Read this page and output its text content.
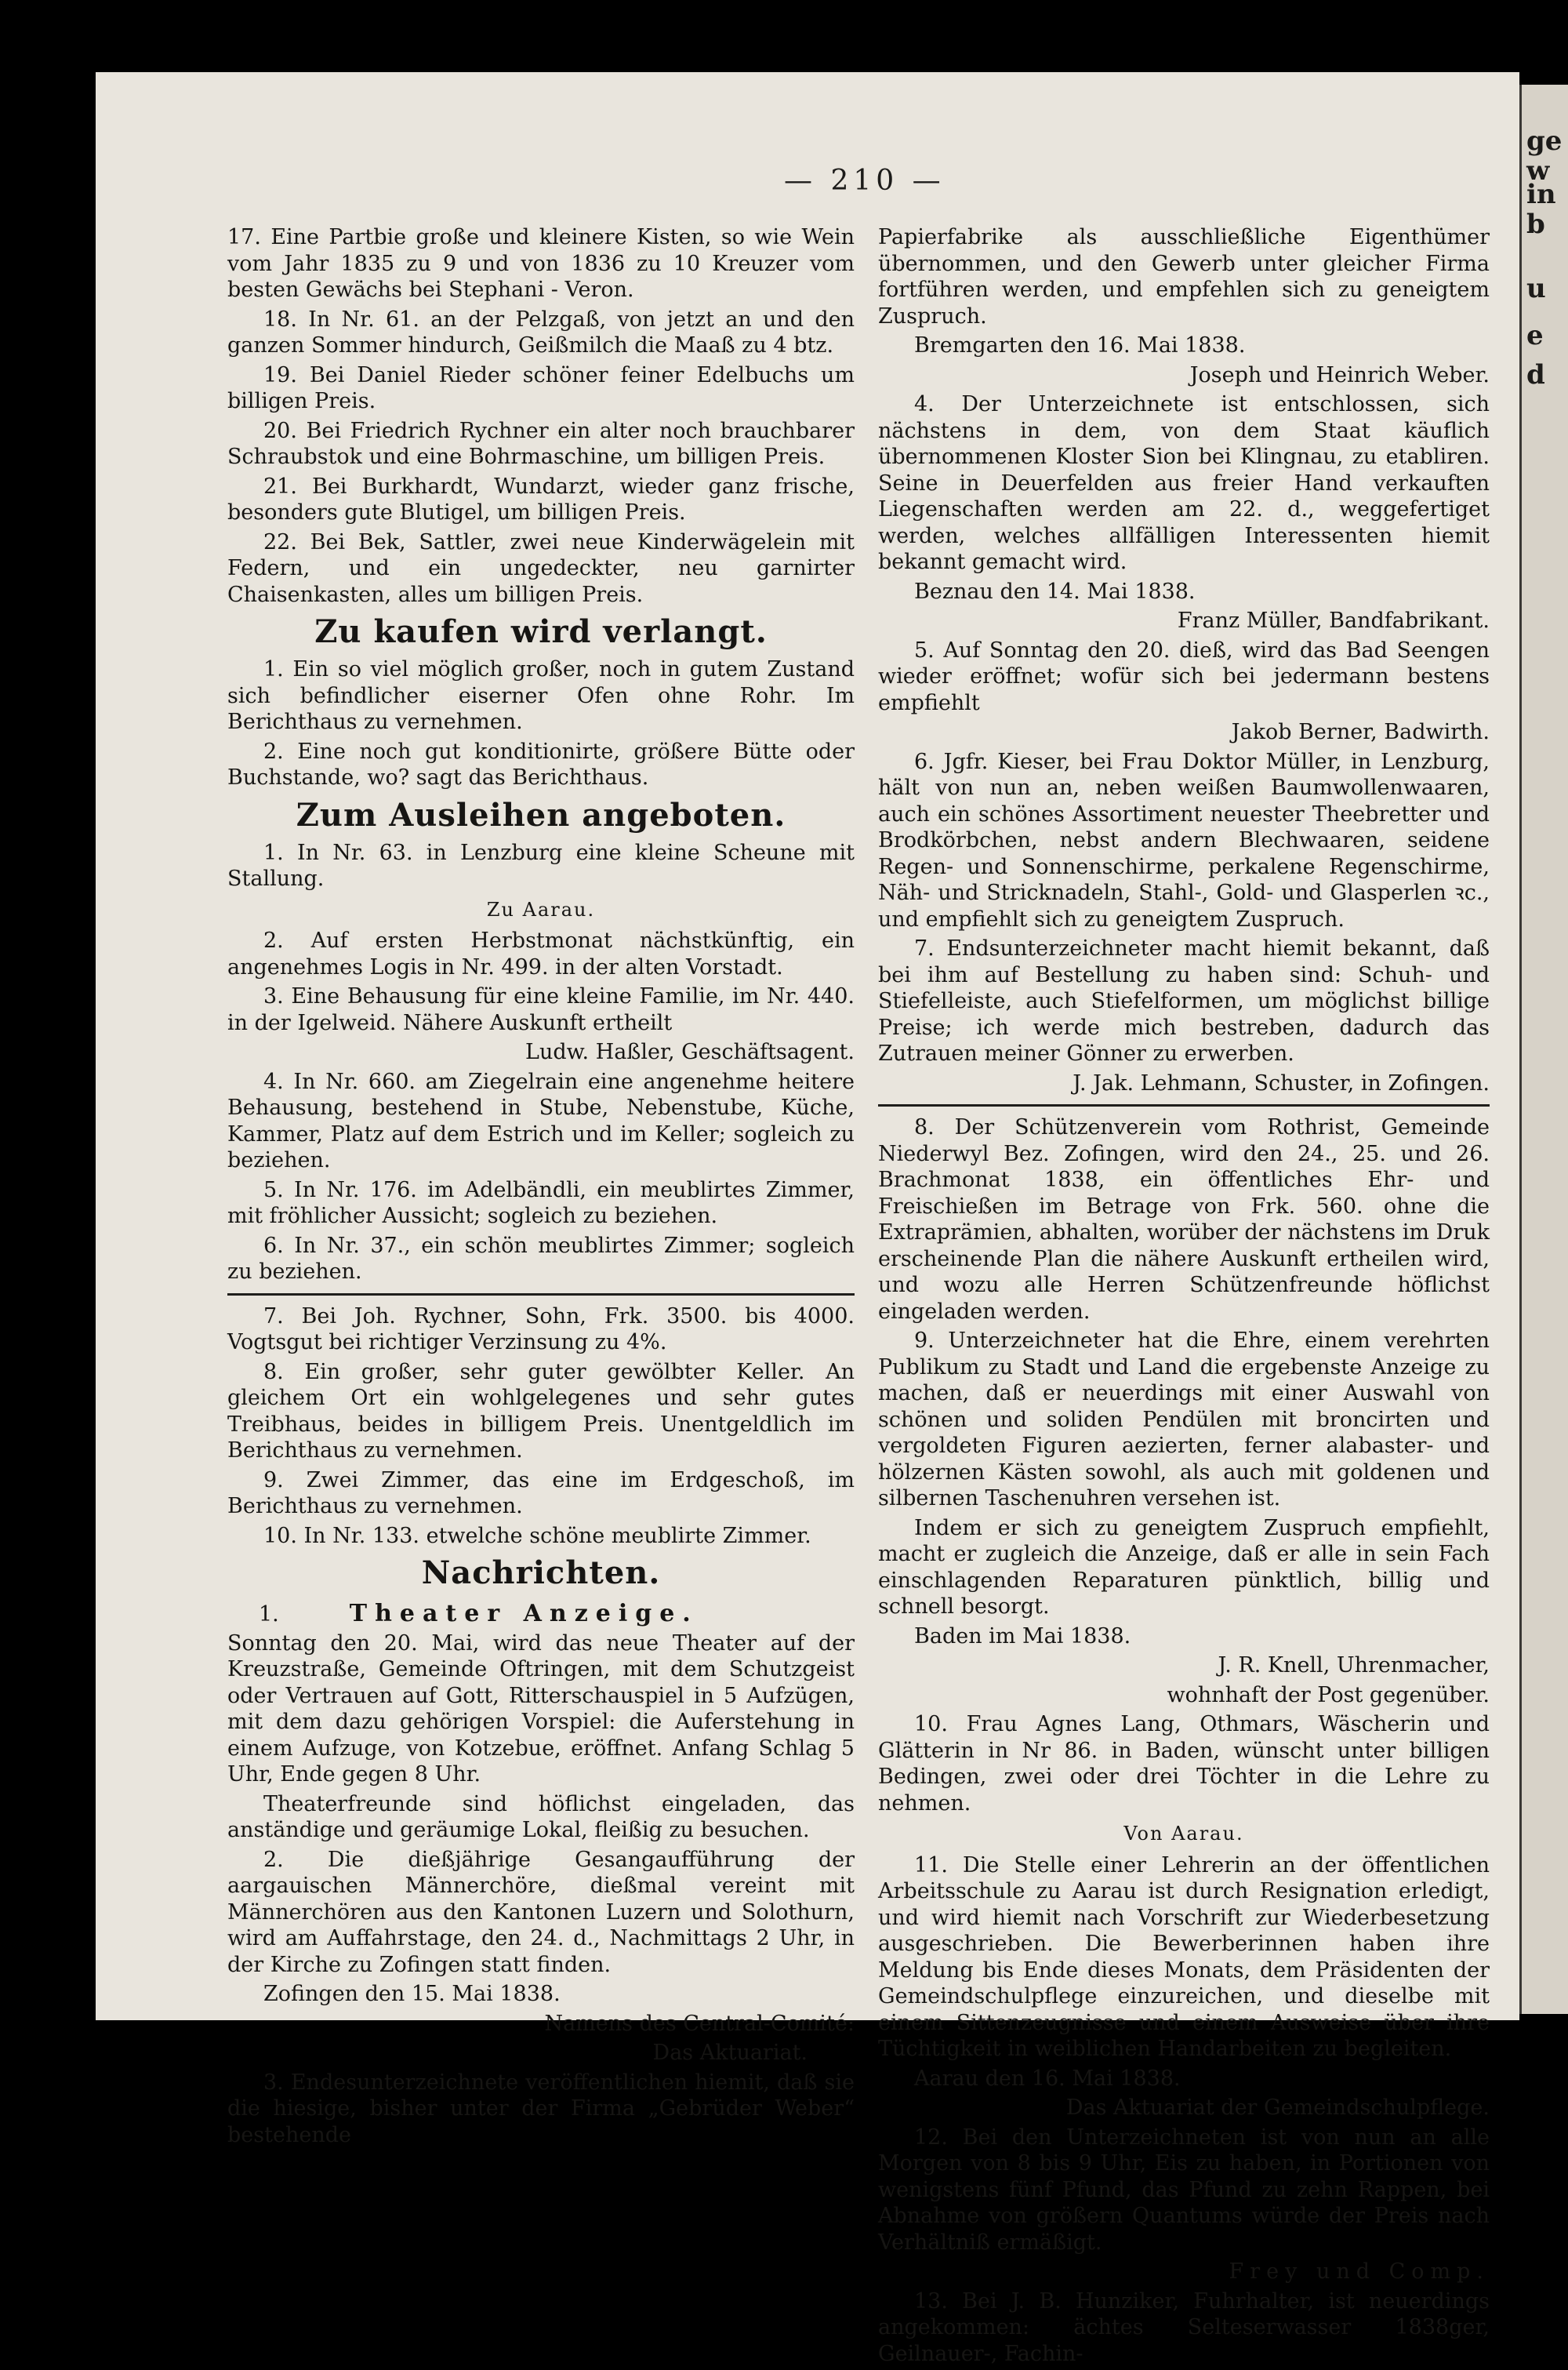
ge
w
in
b
u
e
d
— 210 —

17. Eine Partbie große und kleinere Kisten, so wie Wein vom Jahr 1835 zu 9 und von 1836 zu 10 Kreuzer vom besten Gewächs bei Stephani - Veron.

18. In Nr. 61. an der Pelzgaß, von jetzt an und den ganzen Sommer hindurch, Geißmilch die Maaß zu 4 btz.

19. Bei Daniel Rieder schöner feiner Edelbuchs um billigen Preis.

20. Bei Friedrich Rychner ein alter noch brauchbarer Schraubstok und eine Bohrmaschine, um billigen Preis.

21. Bei Burkhardt, Wundarzt, wieder ganz frische, besonders gute Blutigel, um billigen Preis.

22. Bei Bek, Sattler, zwei neue Kinderwägelein mit Federn, und ein ungedeckter, neu garnirter Chaisenkasten, alles um billigen Preis.

Zu kaufen wird verlangt.

1. Ein so viel möglich großer, noch in gutem Zustand sich befindlicher eiserner Ofen ohne Rohr. Im Berichthaus zu vernehmen.

2. Eine noch gut konditionirte, größere Bütte oder Buchstande, wo? sagt das Berichthaus.

Zum Ausleihen angeboten.

1. In Nr. 63. in Lenzburg eine kleine Scheune mit Stallung.

Zu Aarau.

2. Auf ersten Herbstmonat nächstkünftig, ein angenehmes Logis in Nr. 499. in der alten Vorstadt.

3. Eine Behausung für eine kleine Familie, im Nr. 440. in der Igelweid. Nähere Auskunft ertheilt

Ludw. Haßler, Geschäftsagent.

4. In Nr. 660. am Ziegelrain eine angenehme heitere Behausung, bestehend in Stube, Nebenstube, Küche, Kammer, Platz auf dem Estrich und im Keller; sogleich zu beziehen.

5. In Nr. 176. im Adelbändli, ein meublirtes Zimmer, mit fröhlicher Aussicht; sogleich zu beziehen.

6. In Nr. 37., ein schön meublirtes Zimmer; sogleich zu beziehen.

7. Bei Joh. Rychner, Sohn, Frk. 3500. bis 4000. Vogtsgut bei richtiger Verzinsung zu 4%.

8. Ein großer, sehr guter gewölbter Keller. An gleichem Ort ein wohlgelegenes und sehr gutes Treibhaus, beides in billigem Preis. Unentgeldlich im Berichthaus zu vernehmen.

9. Zwei Zimmer, das eine im Erdgeschoß, im Berichthaus zu vernehmen.

10. In Nr. 133. etwelche schöne meublirte Zimmer.

Nachrichten.
1.	Theater Anzeige.

Sonntag den 20. Mai, wird das neue Theater auf der Kreuzstraße, Gemeinde Oftringen, mit dem Schutzgeist oder Vertrauen auf Gott, Ritterschauspiel in 5 Aufzügen, mit dem dazu gehörigen Vorspiel: die Auferstehung in einem Aufzuge, von Kotzebue, eröffnet. Anfang Schlag 5 Uhr, Ende gegen 8 Uhr.

Theaterfreunde sind höflichst eingeladen, das anständige und geräumige Lokal, fleißig zu besuchen.

2. Die dießjährige Gesangaufführung der aargauischen Männerchöre, dießmal vereint mit Männerchören aus den Kantonen Luzern und Solothurn, wird am Auffahrstage, den 24. d., Nachmittags 2 Uhr, in der Kirche zu Zofingen statt finden.

Zofingen den 15. Mai 1838.

Namens des Central-Comité:

Das Aktuariat.

3. Endesunterzeichnete veröffentlichen hiemit, daß sie die hiesige, bisher unter der Firma „Gebrüder Weber“ bestehende

Papierfabrike als ausschließliche Eigenthümer übernommen, und den Gewerb unter gleicher Firma fortführen werden, und empfehlen sich zu geneigtem Zuspruch.

Bremgarten den 16. Mai 1838.

Joseph und Heinrich Weber.

4. Der Unterzeichnete ist entschlossen, sich nächstens in dem, von dem Staat käuflich übernommenen Kloster Sion bei Klingnau, zu etabliren. Seine in Deuerfelden aus freier Hand verkauften Liegenschaften werden am 22. d., weggefertiget werden, welches allfälligen Interessenten hiemit bekannt gemacht wird.

Beznau den 14. Mai 1838.

Franz Müller, Bandfabrikant.

5. Auf Sonntag den 20. dieß, wird das Bad Seengen wieder eröffnet; wofür sich bei jedermann bestens empfiehlt

Jakob Berner, Badwirth.

6. Jgfr. Kieser, bei Frau Doktor Müller, in Lenzburg, hält von nun an, neben weißen Baumwollenwaaren, auch ein schönes Assortiment neuester Theebretter und Brodkörbchen, nebst andern Blechwaaren, seidene Regen- und Sonnenschirme, perkalene Regenschirme, Näh- und Stricknadeln, Stahl-, Gold- und Glasperlen ꝛc., und empfiehlt sich zu geneigtem Zuspruch.

7. Endsunterzeichneter macht hiemit bekannt, daß bei ihm auf Bestellung zu haben sind: Schuh- und Stiefelleiste, auch Stiefelformen, um möglichst billige Preise; ich werde mich bestreben, dadurch das Zutrauen meiner Gönner zu erwerben.

J. Jak. Lehmann, Schuster, in Zofingen.

8. Der Schützenverein vom Rothrist, Gemeinde Niederwyl Bez. Zofingen, wird den 24., 25. und 26. Brachmonat 1838, ein öffentliches Ehr- und Freischießen im Betrage von Frk. 560. ohne die Extraprämien, abhalten, worüber der nächstens im Druk erscheinende Plan die nähere Auskunft ertheilen wird, und wozu alle Herren Schützenfreunde höflichst eingeladen werden.

9. Unterzeichneter hat die Ehre, einem verehrten Publikum zu Stadt und Land die ergebenste Anzeige zu machen, daß er neuerdings mit einer Auswahl von schönen und soliden Pendülen mit broncirten und vergoldeten Figuren aezierten, ferner alabaster- und hölzernen Kästen sowohl, als auch mit goldenen und silbernen Taschenuhren versehen ist.

Indem er sich zu geneigtem Zuspruch empfiehlt, macht er zugleich die Anzeige, daß er alle in sein Fach einschlagenden Reparaturen pünktlich, billig und schnell besorgt.

Baden im Mai 1838.

J. R. Knell, Uhrenmacher,

wohnhaft der Post gegenüber.

10. Frau Agnes Lang, Othmars, Wäscherin und Glätterin in Nr 86. in Baden, wünscht unter billigen Bedingen, zwei oder drei Töchter in die Lehre zu nehmen.

Von Aarau.

11. Die Stelle einer Lehrerin an der öffentlichen Arbeitsschule zu Aarau ist durch Resignation erledigt, und wird hiemit nach Vorschrift zur Wiederbesetzung ausgeschrieben. Die Bewerberinnen haben ihre Meldung bis Ende dieses Monats, dem Präsidenten der Gemeindschulpflege einzureichen, und dieselbe mit einem Sittenzeugnisse und einem Ausweise über ihre Tüchtigkeit in weiblichen Handarbeiten zu begleiten.

Aarau den 16. Mai 1838.

Das Aktuariat der Gemeindschulpflege.

12. Bei den Unterzeichneten ist von nun an alle Morgen von 8 bis 9 Uhr, Eis zu haben, in Portionen von wenigstens fünf Pfund, das Pfund zu zehn Rappen, bei Abnahme von größern Quantums würde der Preis nach Verhältniß ermäßigt.

Frey und Comp.

13. Bei J. B. Hunziker, Fuhrhalter, ist neuerdings angekommen: ächtes Selteserwasser 1838ger, Geilnauer-, Fachin-
